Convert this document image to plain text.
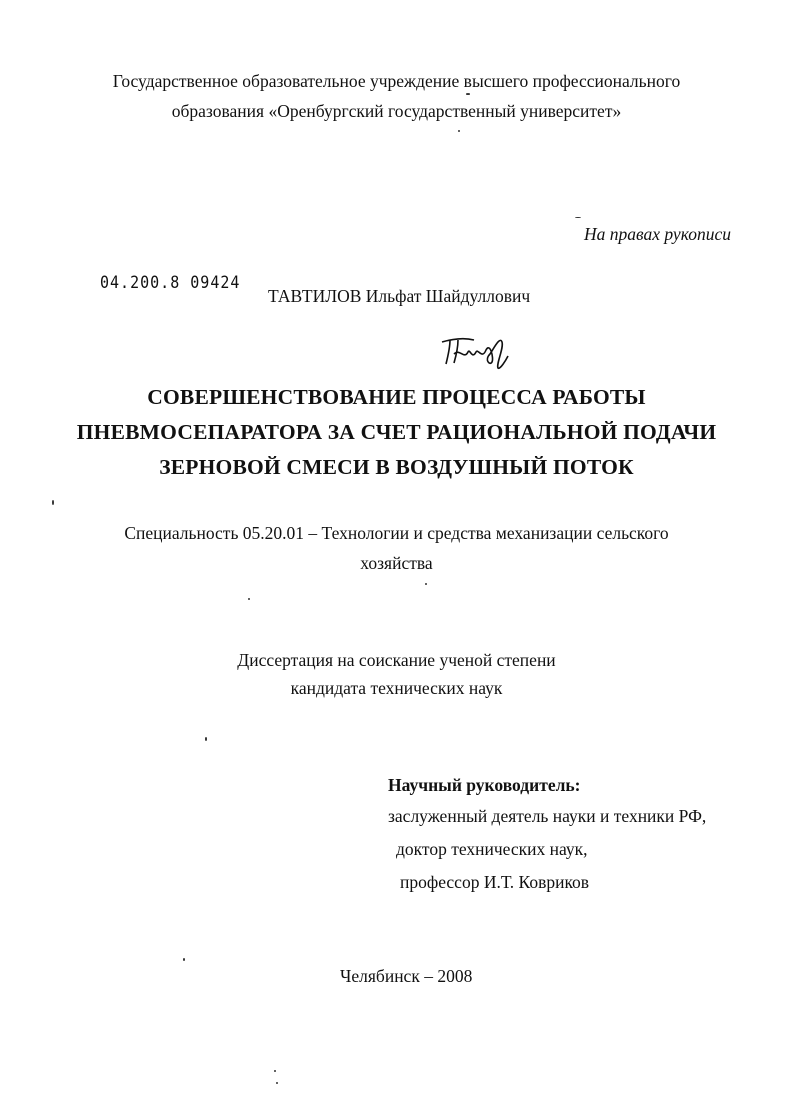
Государственное образовательное учреждение высшего профессионального
образования «Оренбургский государственный университет»
На правах рукописи
04.200.8 09424
ТАВТИЛОВ Ильфат Шайдуллович
СОВЕРШЕНСТВОВАНИЕ ПРОЦЕССА РАБОТЫ
ПНЕВМОСЕПАРАТОРА ЗА СЧЕТ РАЦИОНАЛЬНОЙ ПОДАЧИ
ЗЕРНОВОЙ СМЕСИ В ВОЗДУШНЫЙ ПОТОК
Специальность 05.20.01 – Технологии и средства механизации сельского
хозяйства
Диссертация на соискание ученой степени
кандидата технических наук
Научный руководитель:
заслуженный деятель науки и техники РФ,
доктор технических наук,
профессор И.Т. Ковриков
Челябинск – 2008
